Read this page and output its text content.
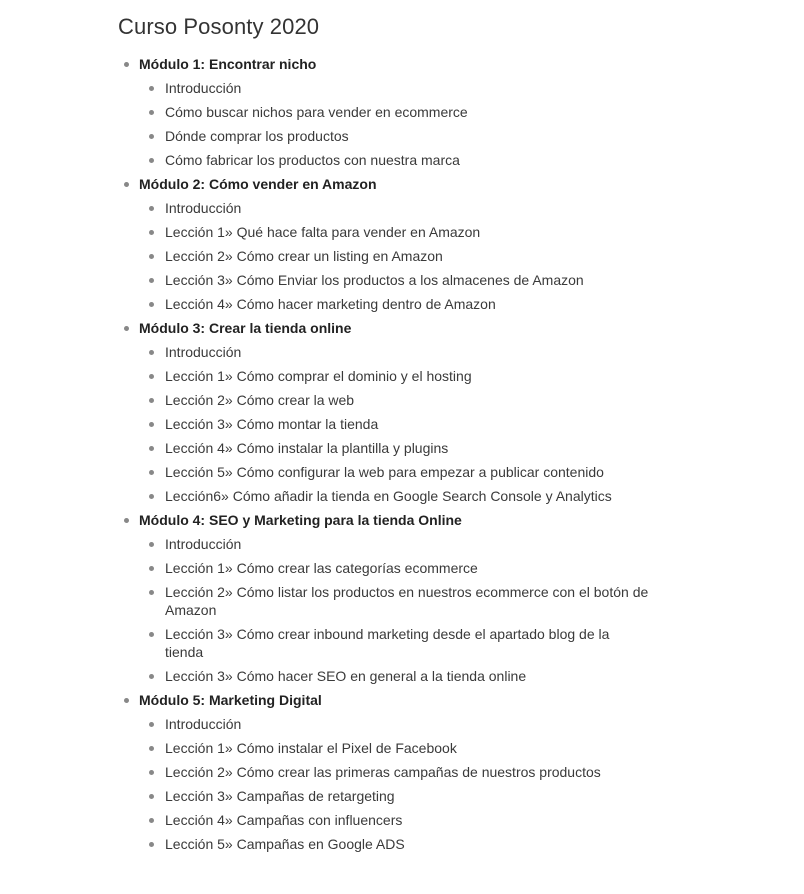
Curso Posonty 2020
Módulo 1: Encontrar nicho
Introducción
Cómo buscar nichos para vender en ecommerce
Dónde comprar los productos
Cómo fabricar los productos con nuestra marca
Módulo 2: Cómo vender en Amazon
Introducción
Lección 1» Qué hace falta para vender en Amazon
Lección 2» Cómo crear un listing en Amazon
Lección 3» Cómo Enviar los productos a los almacenes de Amazon
Lección 4» Cómo hacer marketing dentro de Amazon
Módulo 3: Crear la tienda online
Introducción
Lección 1» Cómo comprar el dominio y el hosting
Lección 2» Cómo crear la web
Lección 3» Cómo montar la tienda
Lección 4» Cómo instalar la plantilla y plugins
Lección 5» Cómo configurar la web para empezar a publicar contenido
Lección6» Cómo añadir la tienda en Google Search Console y Analytics
Módulo 4: SEO y Marketing para la tienda Online
Introducción
Lección 1» Cómo crear las categorías ecommerce
Lección 2» Cómo listar los productos en nuestros ecommerce con el botón de Amazon
Lección 3» Cómo crear inbound marketing desde el apartado blog de la tienda
Lección 3» Cómo hacer SEO en general a la tienda online
Módulo 5: Marketing Digital
Introducción
Lección 1» Cómo instalar el Pixel de Facebook
Lección 2» Cómo crear las primeras campañas de nuestros productos
Lección 3» Campañas de retargeting
Lección 4» Campañas con influencers
Lección 5» Campañas en Google ADS
